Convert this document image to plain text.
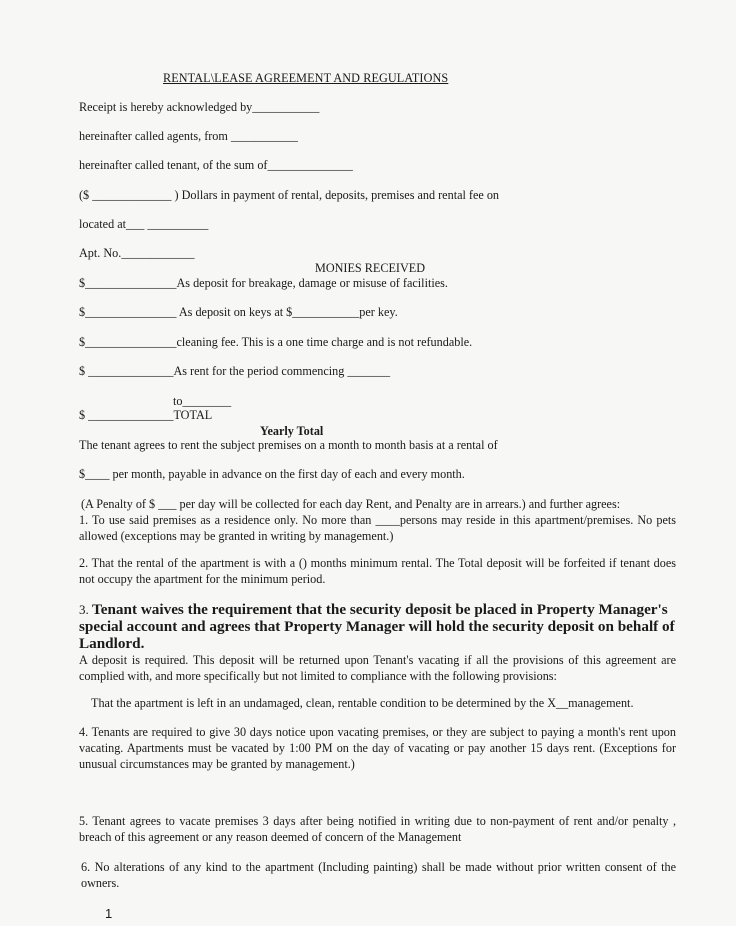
RENTAL\LEASE AGREEMENT AND REGULATIONS
Receipt is hereby acknowledged by___________
hereinafter called agents, from ___________
hereinafter called tenant, of the sum of______________
($ _____________ ) Dollars in payment of rental, deposits, premises and rental fee on
located at___ __________
Apt. No.____________
MONIES RECEIVED
$_______________As deposit for breakage, damage or misuse of facilities.
$_______________ As deposit on keys at $___________per key.
$_______________cleaning fee. This is a one time charge and is not refundable.
$ ______________As rent for the period commencing _______
to________
$ ______________TOTAL
Yearly Total
The tenant agrees to rent the subject premises on a month to month basis at a rental of
$____ per month, payable in advance on the first day of each and every month.
(A Penalty of $ ___ per day will be collected for each day Rent, and Penalty are in arrears.) and further agrees:
1. To use said premises as a residence only. No more than ____persons may reside in this apartment/premises. No pets allowed (exceptions may be granted in writing by management.)
2. That the rental of the apartment is with a () months minimum rental. The Total deposit will be forfeited if tenant does not occupy the apartment for the minimum period.
3. Tenant waives the requirement that the security deposit be placed in Property Manager's special account and agrees that Property Manager will hold the security deposit on behalf of Landlord.
A deposit is required. This deposit will be returned upon Tenant's vacating if all the provisions of this agreement are complied with, and more specifically but not limited to compliance with the following provisions:
That the apartment is left in an undamaged, clean, rentable condition to be determined by the X__management.
4. Tenants are required to give 30 days notice upon vacating premises, or they are subject to paying a month's rent upon vacating. Apartments must be vacated by 1:00 PM on the day of vacating or pay another 15 days rent. (Exceptions for unusual circumstances may be granted by management.)
5. Tenant agrees to vacate premises 3 days after being notified in writing due to non-payment of rent and/or penalty , breach of this agreement or any reason deemed of concern of the Management
6. No alterations of any kind to the apartment (Including painting) shall be made without prior written consent of the owners.
1
